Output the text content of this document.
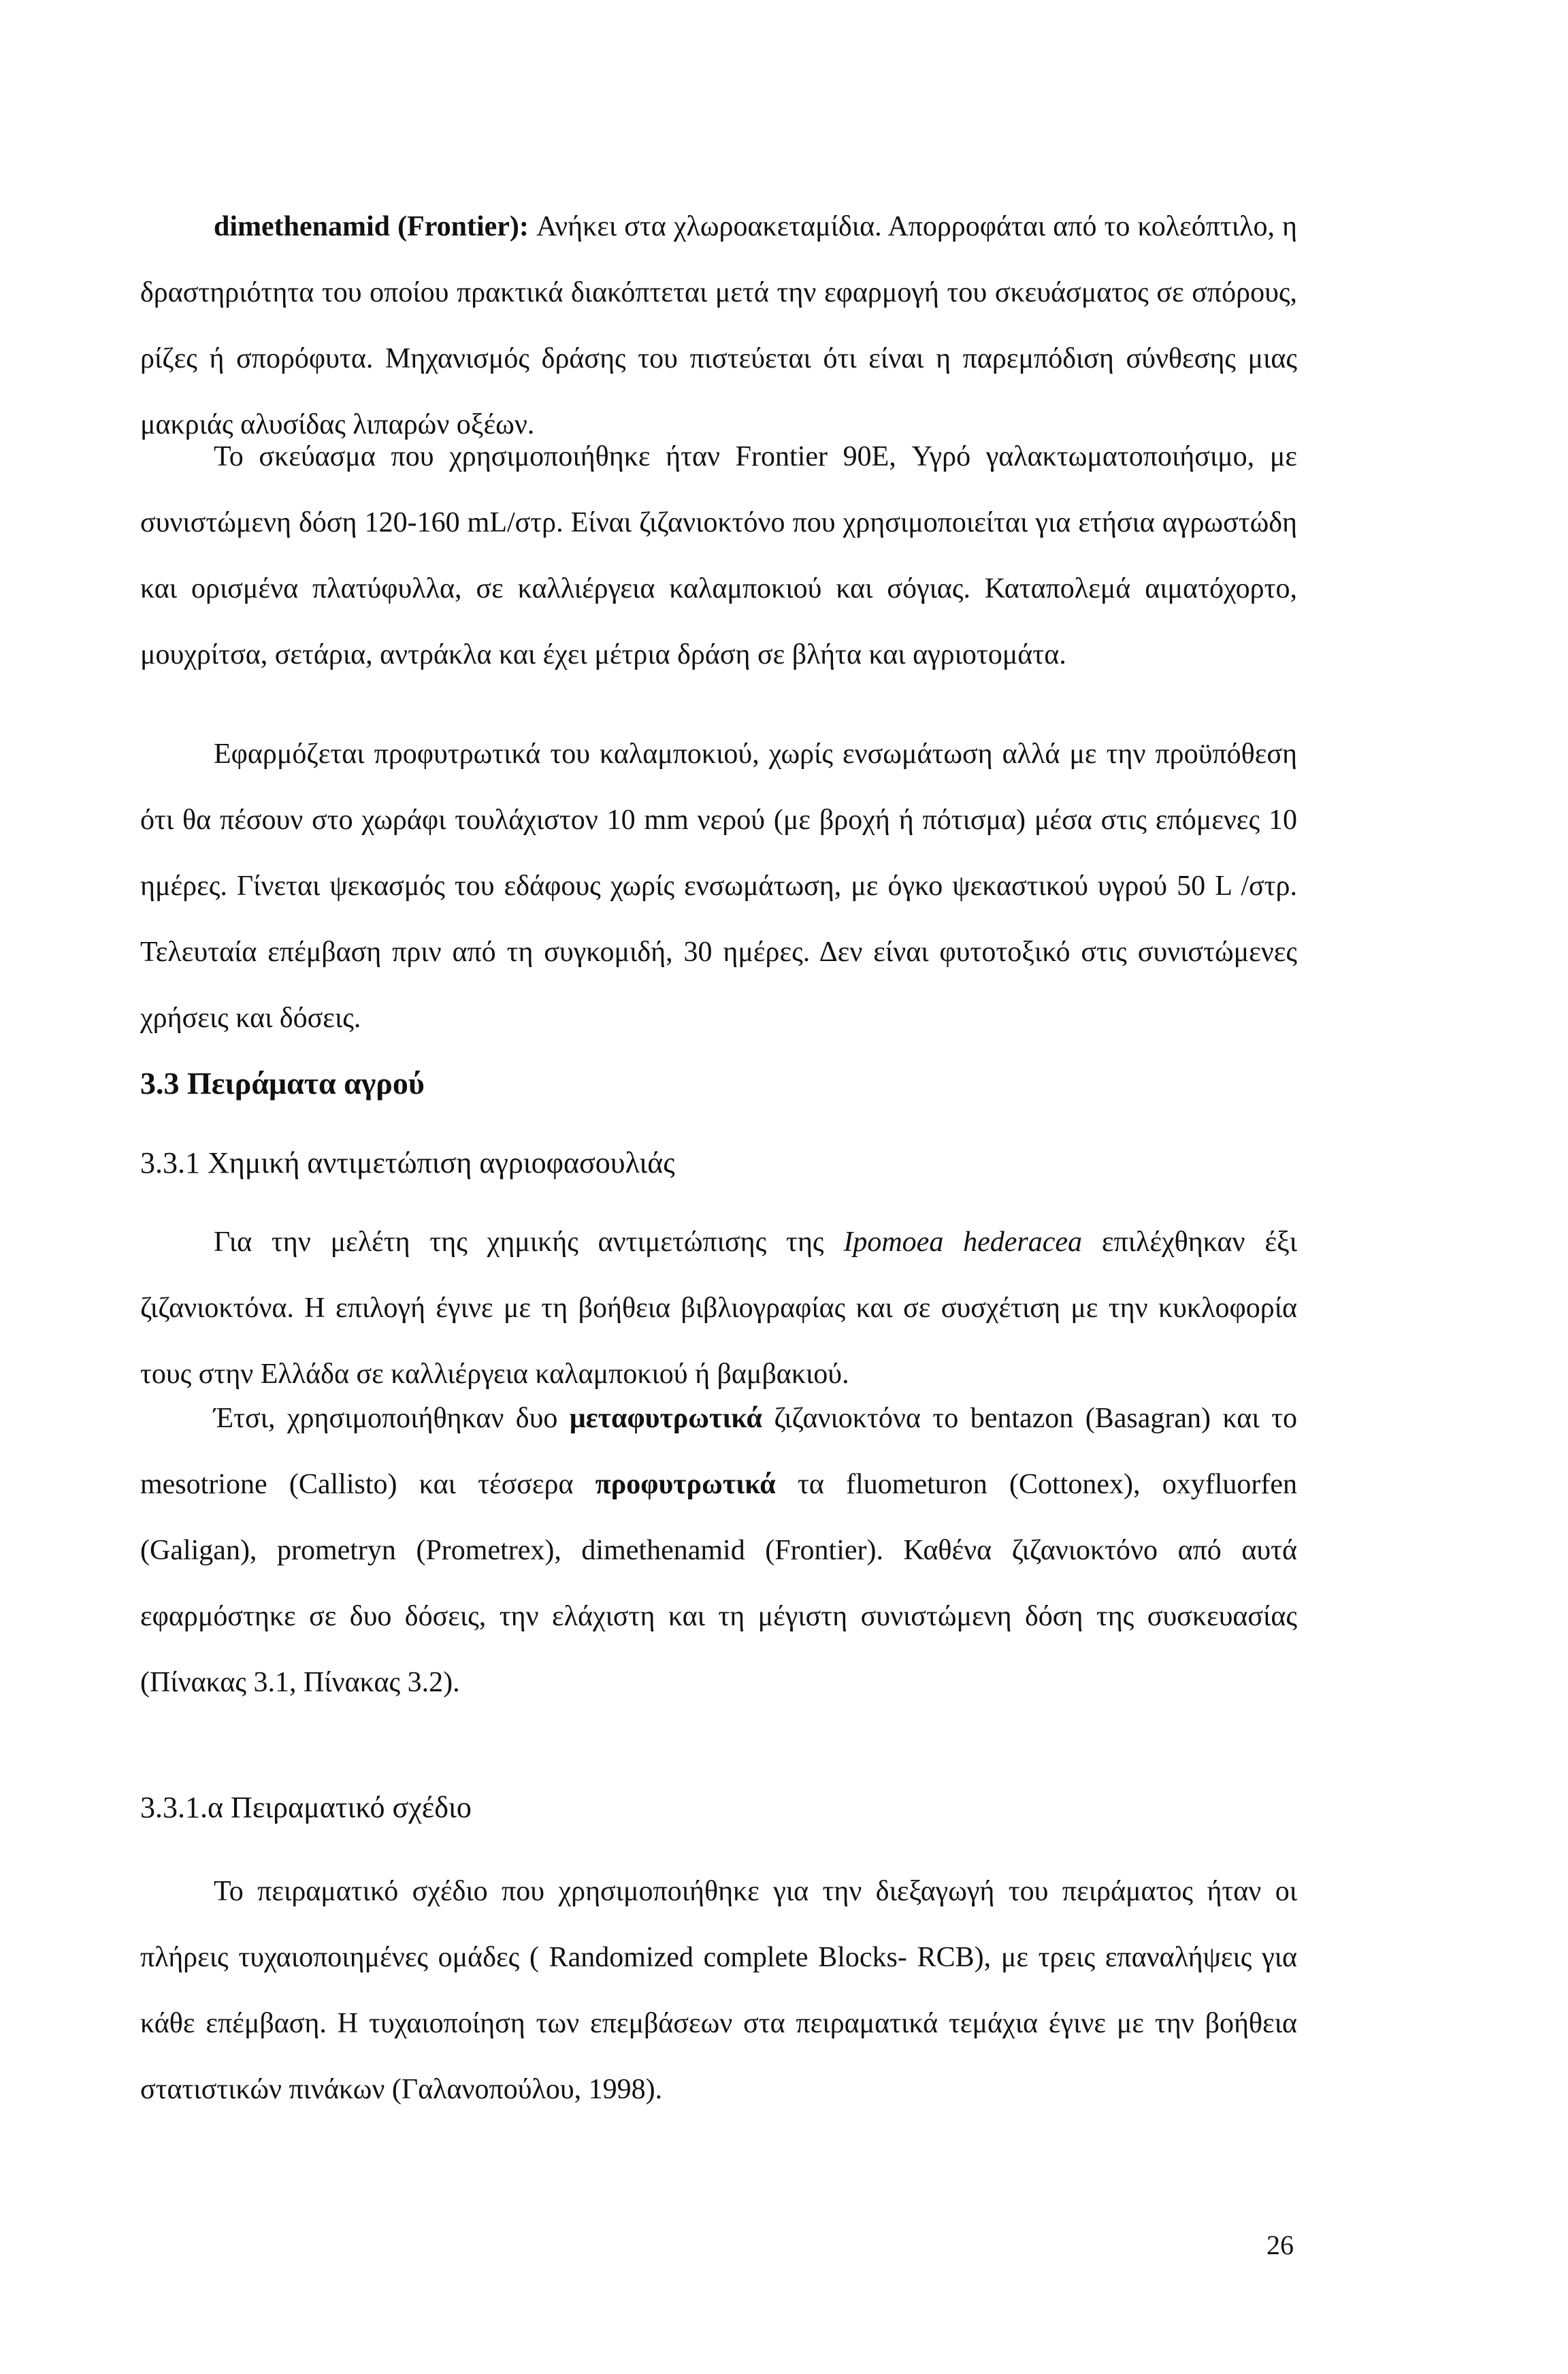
dimethenamid (Frontier): Ανήκει στα χλωροακεταμίδια. Απορροφάται από το κολεόπτιλο, η δραστηριότητα του οποίου πρακτικά διακόπτεται μετά την εφαρμογή του σκευάσματος σε σπόρους, ρίζες ή σπορόφυτα. Μηχανισμός δράσης του πιστεύεται ότι είναι η παρεμπόδιση σύνθεσης μιας μακριάς αλυσίδας λιπαρών οξέων.

Το σκεύασμα που χρησιμοποιήθηκε ήταν Frontier 90E, Υγρό γαλακτωματοποιήσιμο, με συνιστώμενη δόση 120-160 mL/στρ. Είναι ζιζανιοκτόνο που χρησιμοποιείται για ετήσια αγρωστώδη και ορισμένα πλατύφυλλα, σε καλλιέργεια καλαμποκιού και σόγιας. Καταπολεμά αιματόχορτο, μουχρίτσα, σετάρια, αντράκλα και έχει μέτρια δράση σε βλήτα και αγριοτομάτα.

Εφαρμόζεται προφυτρωτικά του καλαμποκιού, χωρίς ενσωμάτωση αλλά με την προϋπόθεση ότι θα πέσουν στο χωράφι τουλάχιστον 10 mm νερού (με βροχή ή πότισμα) μέσα στις επόμενες 10 ημέρες. Γίνεται ψεκασμός του εδάφους χωρίς ενσωμάτωση, με όγκο ψεκαστικού υγρού 50 L /στρ. Τελευταία επέμβαση πριν από τη συγκομιδή, 30 ημέρες. Δεν είναι φυτοτοξικό στις συνιστώμενες χρήσεις και δόσεις.

3.3 Πειράματα αγρού

3.3.1 Χημική αντιμετώπιση αγριοφασουλιάς

Για την μελέτη της χημικής αντιμετώπισης της Ipomoea hederacea επιλέχθηκαν έξι ζιζανιοκτόνα. Η επιλογή έγινε με τη βοήθεια βιβλιογραφίας και σε συσχέτιση με την κυκλοφορία τους στην Ελλάδα σε καλλιέργεια καλαμποκιού ή βαμβακιού.

Έτσι, χρησιμοποιήθηκαν δυο μεταφυτρωτικά ζιζανιοκτόνα το bentazon (Basagran) και το mesotrione (Callisto) και τέσσερα προφυτρωτικά τα fluometuron (Cottonex), oxyfluorfen (Galigan), prometryn (Prometrex), dimethenamid (Frontier). Καθένα ζιζανιοκτόνο από αυτά εφαρμόστηκε σε δυο δόσεις, την ελάχιστη και τη μέγιστη συνιστώμενη δόση της συσκευασίας (Πίνακας 3.1, Πίνακας 3.2).

3.3.1.α Πειραματικό σχέδιο

Το πειραματικό σχέδιο που χρησιμοποιήθηκε για την διεξαγωγή του πειράματος ήταν οι πλήρεις τυχαιοποιημένες ομάδες ( Randomized complete Blocks- RCB), με τρεις επαναλήψεις για κάθε επέμβαση. Η τυχαιοποίηση των επεμβάσεων στα πειραματικά τεμάχια έγινε με την βοήθεια στατιστικών πινάκων (Γαλανοπούλου, 1998).

26
